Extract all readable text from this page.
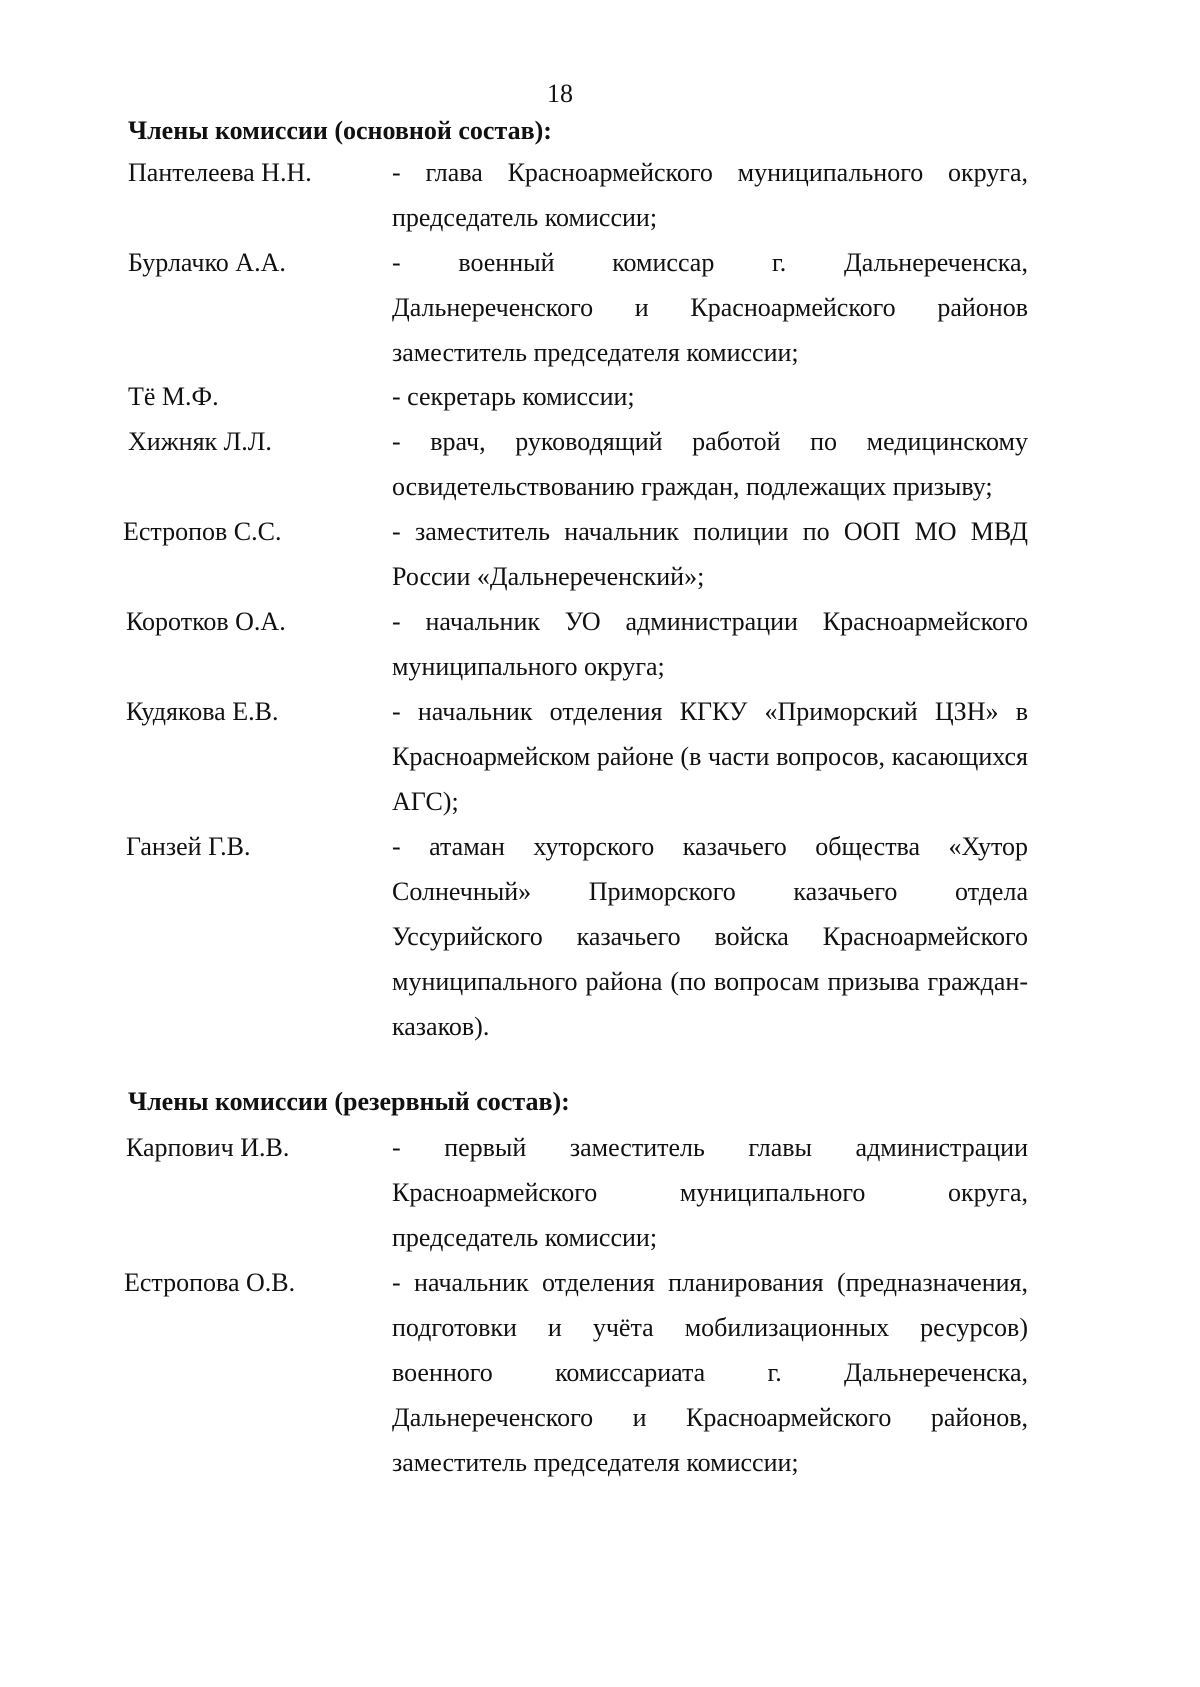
18
Члены комиссии (основной состав):
Пантелеева Н.Н.	- глава Красноармейского муниципального округа, председатель комиссии;
Бурлачко А.А.	- военный комиссар г. Дальнереченска, Дальнереченского и Красноармейского районов заместитель председателя комиссии;
Тё М.Ф.	- секретарь комиссии;
Хижняк Л.Л.	- врач, руководящий работой по медицинскому освидетельствованию граждан, подлежащих призыву;
Естропов С.С.	- заместитель начальник полиции по ООП МО МВД России «Дальнереченский»;
Коротков О.А.	- начальник УО администрации Красноармейского муниципального округа;
Кудякова Е.В.	- начальник отделения КГКУ «Приморский ЦЗН» в Красноармейском районе (в части вопросов, касающихся АГС);
Ганзей Г.В.	- атаман хуторского казачьего общества «Хутор Солнечный» Приморского казачьего отдела Уссурийского казачьего войска Красноармейского муниципального района (по вопросам призыва граждан-казаков).
Члены комиссии (резервный состав):
Карпович И.В.	- первый заместитель главы администрации Красноармейского муниципального округа, председатель комиссии;
Естропова О.В.	- начальник отделения планирования (предназначения, подготовки и учёта мобилизационных ресурсов) военного комиссариата г. Дальнереченска, Дальнереченского и Красноармейского районов, заместитель председателя комиссии;
